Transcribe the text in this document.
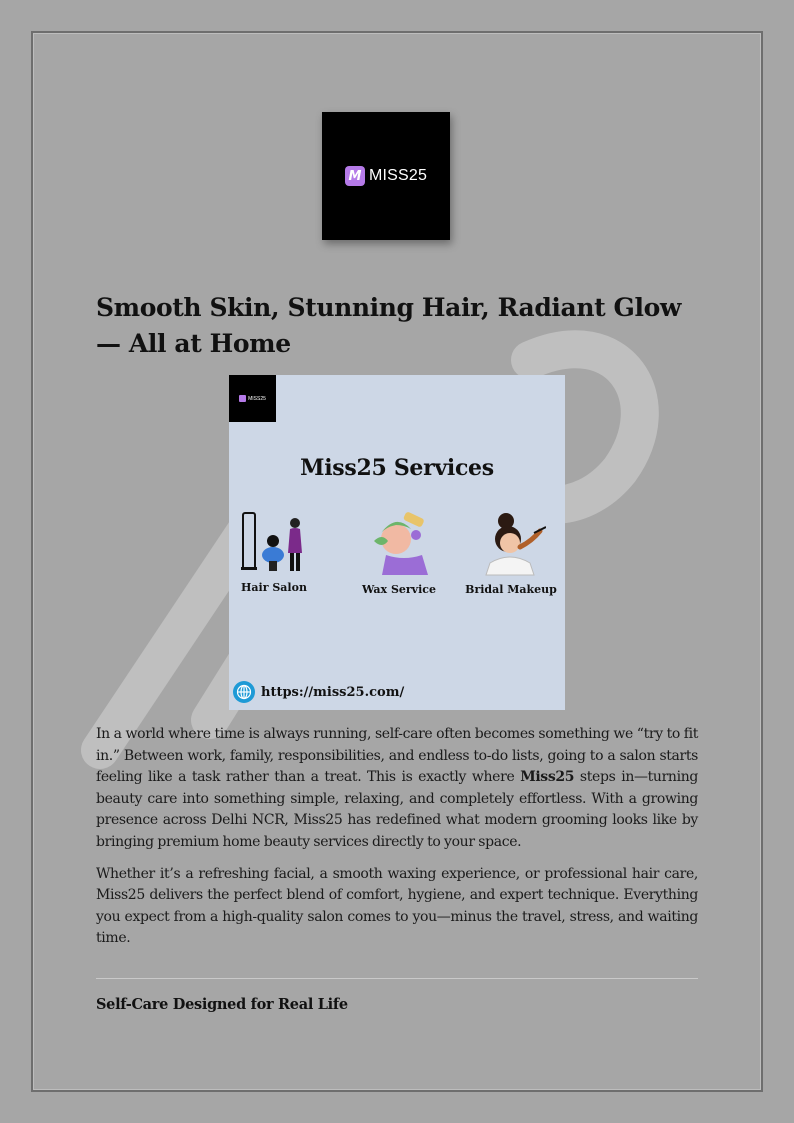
M MISS25
Smooth Skin, Stunning Hair, Radiant Glow — All at Home
MISS25
Miss25 Services
Hair Salon	Wax Service	Bridal Makeup
https://miss25.com/

In a world where time is always running, self-care often becomes something we “try to fit in.” Between work, family, responsibilities, and endless to-do lists, going to a salon starts feeling like a task rather than a treat. This is exactly where Miss25 steps in—turning beauty care into something simple, relaxing, and completely effortless. With a growing presence across Delhi NCR, Miss25 has redefined what modern grooming looks like by bringing premium home beauty services directly to your space.

Whether it’s a refreshing facial, a smooth waxing experience, or professional hair care, Miss25 delivers the perfect blend of comfort, hygiene, and expert technique. Everything you expect from a high-quality salon comes to you—minus the travel, stress, and waiting time.

Self-Care Designed for Real Life
